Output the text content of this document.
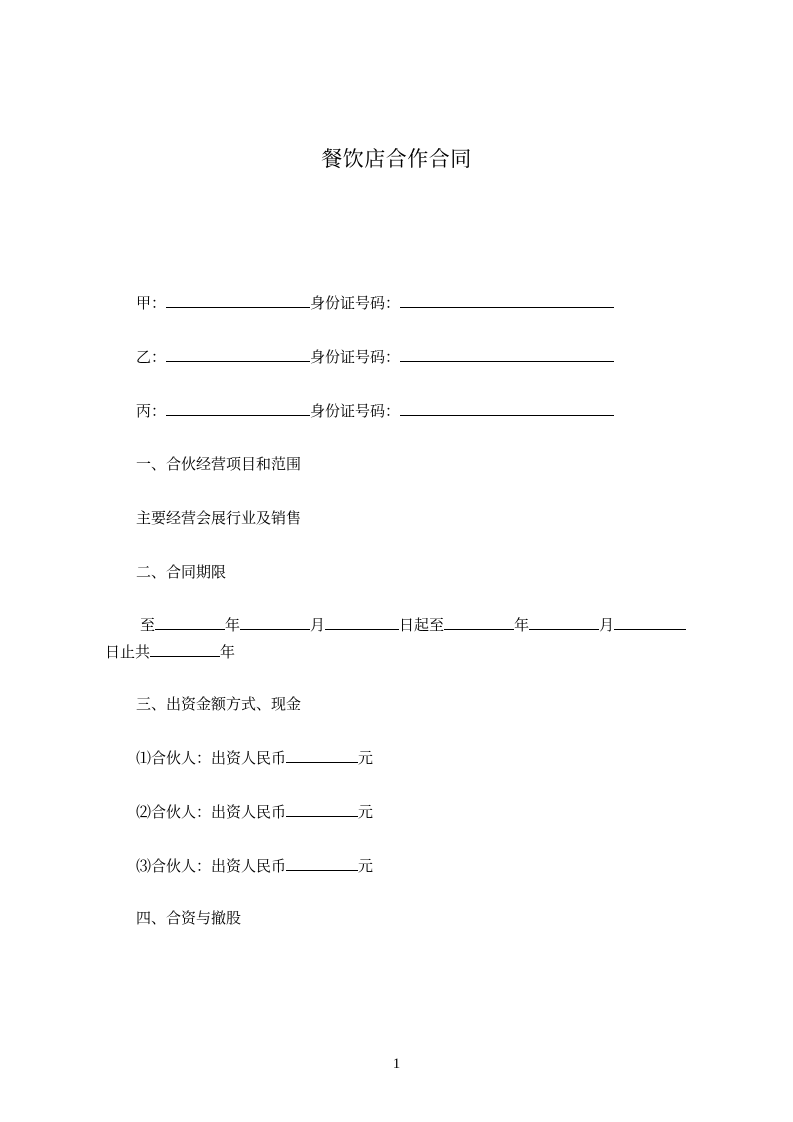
餐饮店合作合同
甲：	身份证号码：
乙：	身份证号码：
丙：	身份证号码：
一、合伙经营项目和范围
主要经营会展行业及销售
二、合同期限
至	年	月	日起至	年	月
日止共	年
三、出资金额方式、现金
⑴合伙人：出资人民币	元
⑵合伙人：出资人民币	元
⑶合伙人：出资人民币	元
四、合资与撤股
1
